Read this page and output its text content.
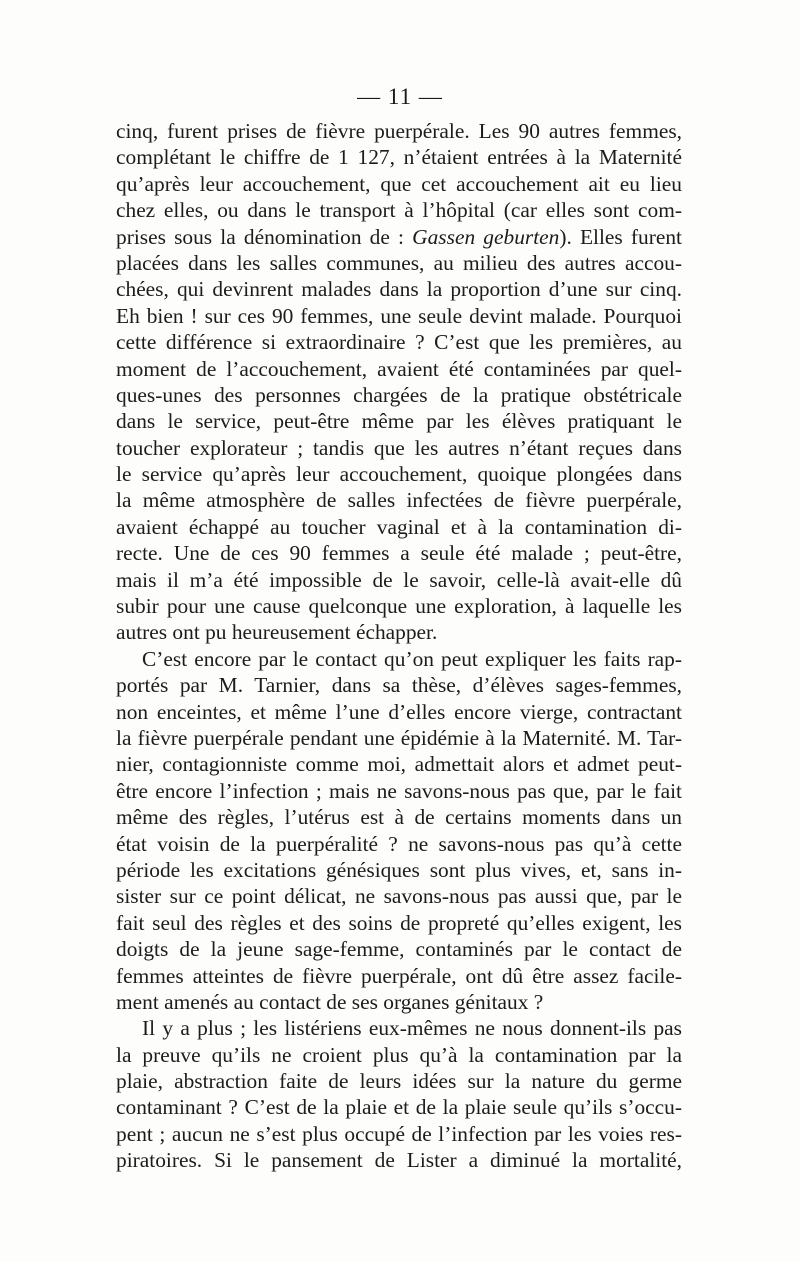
— 11 —
cinq, furent prises de fièvre puerpérale. Les 90 autres femmes,
complétant le chiffre de 1 127, n’étaient entrées à la Maternité
qu’après leur accouchement, que cet accouchement ait eu lieu
chez elles, ou dans le transport à l’hôpital (car elles sont com-
prises sous la dénomination de : Gassen geburten). Elles furent
placées dans les salles communes, au milieu des autres accou-
chées, qui devinrent malades dans la proportion d’une sur cinq.
Eh bien ! sur ces 90 femmes, une seule devint malade. Pourquoi
cette différence si extraordinaire ? C’est que les premières, au
moment de l’accouchement, avaient été contaminées par quel-
ques-unes des personnes chargées de la pratique obstétricale
dans le service, peut-être même par les élèves pratiquant le
toucher explorateur ; tandis que les autres n’étant reçues dans
le service qu’après leur accouchement, quoique plongées dans
la même atmosphère de salles infectées de fièvre puerpérale,
avaient échappé au toucher vaginal et à la contamination di-
recte. Une de ces 90 femmes a seule été malade ; peut-être,
mais il m’a été impossible de le savoir, celle-là avait-elle dû
subir pour une cause quelconque une exploration, à laquelle les
autres ont pu heureusement échapper.
C’est encore par le contact qu’on peut expliquer les faits rap-
portés par M. Tarnier, dans sa thèse, d’élèves sages-femmes,
non enceintes, et même l’une d’elles encore vierge, contractant
la fièvre puerpérale pendant une épidémie à la Maternité. M. Tar-
nier, contagionniste comme moi, admettait alors et admet peut-
être encore l’infection ; mais ne savons-nous pas que, par le fait
même des règles, l’utérus est à de certains moments dans un
état voisin de la puerpéralité ? ne savons-nous pas qu’à cette
période les excitations génésiques sont plus vives, et, sans in-
sister sur ce point délicat, ne savons-nous pas aussi que, par le
fait seul des règles et des soins de propreté qu’elles exigent, les
doigts de la jeune sage-femme, contaminés par le contact de
femmes atteintes de fièvre puerpérale, ont dû être assez facile-
ment amenés au contact de ses organes génitaux ?
Il y a plus ; les listériens eux-mêmes ne nous donnent-ils pas
la preuve qu’ils ne croient plus qu’à la contamination par la
plaie, abstraction faite de leurs idées sur la nature du germe
contaminant ? C’est de la plaie et de la plaie seule qu’ils s’occu-
pent ; aucun ne s’est plus occupé de l’infection par les voies res-
piratoires. Si le pansement de Lister a diminué la mortalité,
